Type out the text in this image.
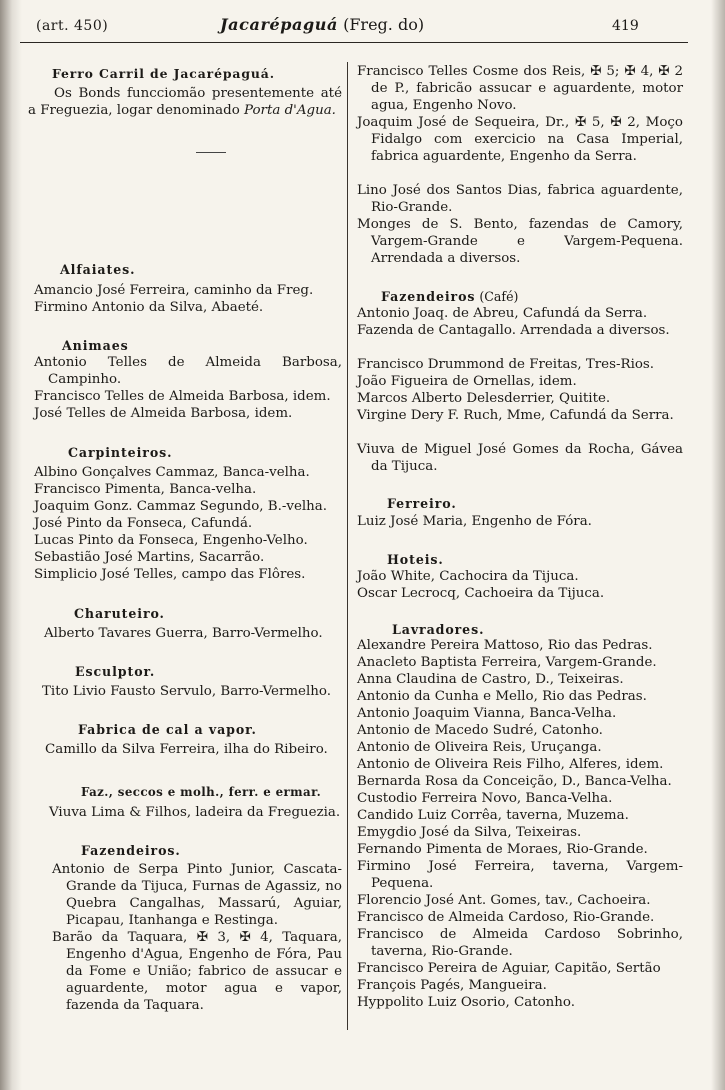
(art. 450)	Jacarépaguá (Freg. do)	419
Ferro Carril de Jacarépaguá.
Os Bonds funcciomão presentemente até a Freguezia, logar denominado Porta d'Agua.
Alfaiates.
Amancio José Ferreira, caminho da Freg.
Firmino Antonio da Silva, Abaeté.
Animaes
Antonio Telles de Almeida Barbosa, Campinho.
Francisco Telles de Almeida Barbosa, idem.
José Telles de Almeida Barbosa, idem.
Carpinteiros.
Albino Gonçalves Cammaz, Banca-velha.
Francisco Pimenta, Banca-velha.
Joaquim Gonz. Cammaz Segundo, B.-velha.
José Pinto da Fonseca, Cafundá.
Lucas Pinto da Fonseca, Engenho-Velho.
Sebastião José Martins, Sacarrão.
Simplicio José Telles, campo das Flôres.
Charuteiro.
Alberto Tavares Guerra, Barro-Vermelho.
Esculptor.
Tito Livio Fausto Servulo, Barro-Vermelho.
Fabrica de cal a vapor.
Camillo da Silva Ferreira, ilha do Ribeiro.
Faz., seccos e molh., ferr. e ermar.
Viuva Lima & Filhos, ladeira da Freguezia.
Fazendeiros.
Antonio de Serpa Pinto Junior, Cascata-Grande da Tijuca, Furnas de Agassiz, no Quebra Cangalhas, Massarú, Aguiar, Picapau, Itanhanga e Restinga.
Barão da Taquara, ✠ 3, ✠ 4, Taquara, Engenho d'Agua, Engenho de Fóra, Pau da Fome e União; fabrico de assucar e aguardente, motor agua e vapor, fazenda da Taquara.
Francisco Telles Cosme dos Reis, ✠ 5; ✠ 4, ✠ 2 de P., fabricão assucar e aguardente, motor agua, Engenho Novo.
Joaquim José de Sequeira, Dr., ✠ 5, ✠ 2, Moço Fidalgo com exercicio na Casa Imperial, fabrica aguardente, Engenho da Serra.
Lino José dos Santos Dias, fabrica aguardente, Rio-Grande.
Monges de S. Bento, fazendas de Camory, Vargem-Grande e Vargem-Pequena. Arrendada a diversos.
Fazendeiros (Café)
Antonio Joaq. de Abreu, Cafundá da Serra.
Fazenda de Cantagallo. Arrendada a diversos.
Francisco Drummond de Freitas, Tres-Rios.
João Figueira de Ornellas, idem.
Marcos Alberto Delesderrier, Quitite.
Virgine Dery F. Ruch, Mme, Cafundá da Serra.
Viuva de Miguel José Gomes da Rocha, Gávea da Tijuca.
Ferreiro.
Luiz José Maria, Engenho de Fóra.
Hoteis.
João White, Cachocira da Tijuca.
Oscar Lecrocq, Cachoeira da Tijuca.
Lavradores.
Alexandre Pereira Mattoso, Rio das Pedras.
Anacleto Baptista Ferreira, Vargem-Grande.
Anna Claudina de Castro, D., Teixeiras.
Antonio da Cunha e Mello, Rio das Pedras.
Antonio Joaquim Vianna, Banca-Velha.
Antonio de Macedo Sudré, Catonho.
Antonio de Oliveira Reis, Uruçanga.
Antonio de Oliveira Reis Filho, Alferes, idem.
Bernarda Rosa da Conceição, D., Banca-Velha.
Custodio Ferreira Novo, Banca-Velha.
Candido Luiz Corrêa, taverna, Muzema.
Emygdio José da Silva, Teixeiras.
Fernando Pimenta de Moraes, Rio-Grande.
Firmino José Ferreira, taverna, Vargem-Pequena.
Florencio José Ant. Gomes, tav., Cachoeira.
Francisco de Almeida Cardoso, Rio-Grande.
Francisco de Almeida Cardoso Sobrinho, taverna, Rio-Grande.
Francisco Pereira de Aguiar, Capitão, Sertão
François Pagés, Mangueira.
Hyppolito Luiz Osorio, Catonho.
